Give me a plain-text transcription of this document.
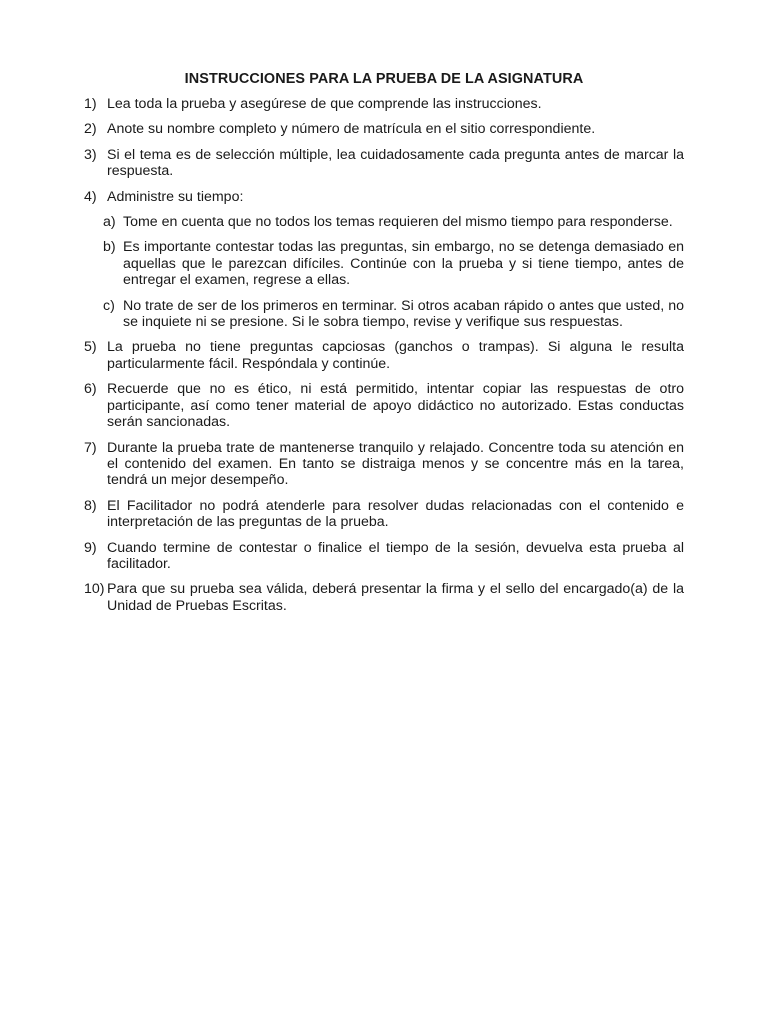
INSTRUCCIONES PARA LA PRUEBA DE LA ASIGNATURA
1) Lea toda la prueba y asegúrese de que comprende las instrucciones.
2) Anote su nombre completo y número de matrícula en el sitio correspondiente.
3) Si el tema es de selección múltiple, lea cuidadosamente cada pregunta antes de marcar la respuesta.
4) Administre su tiempo:
a) Tome en cuenta que no todos los temas requieren del mismo tiempo para responderse.
b) Es importante contestar todas las preguntas, sin embargo, no se detenga demasiado en aquellas que le parezcan difíciles. Continúe con la prueba y si tiene tiempo, antes de entregar el examen, regrese a ellas.
c) No trate de ser de los primeros en terminar. Si otros acaban rápido o antes que usted, no se inquiete ni se presione. Si le sobra tiempo, revise y verifique sus respuestas.
5) La prueba no tiene preguntas capciosas (ganchos o trampas). Si alguna le resulta particularmente fácil. Respóndala y continúe.
6) Recuerde que no es ético, ni está permitido, intentar copiar las respuestas de otro participante, así como tener material de apoyo didáctico no autorizado. Estas conductas serán sancionadas.
7) Durante la prueba trate de mantenerse tranquilo y relajado. Concentre toda su atención en el contenido del examen. En tanto se distraiga menos y se concentre más en la tarea, tendrá un mejor desempeño.
8) El Facilitador no podrá atenderle para resolver dudas relacionadas con el contenido e interpretación de las preguntas de la prueba.
9) Cuando termine de contestar o finalice el tiempo de la sesión, devuelva esta prueba al facilitador.
10) Para que su prueba sea válida, deberá presentar la firma y el sello del encargado(a) de la Unidad de Pruebas Escritas.
